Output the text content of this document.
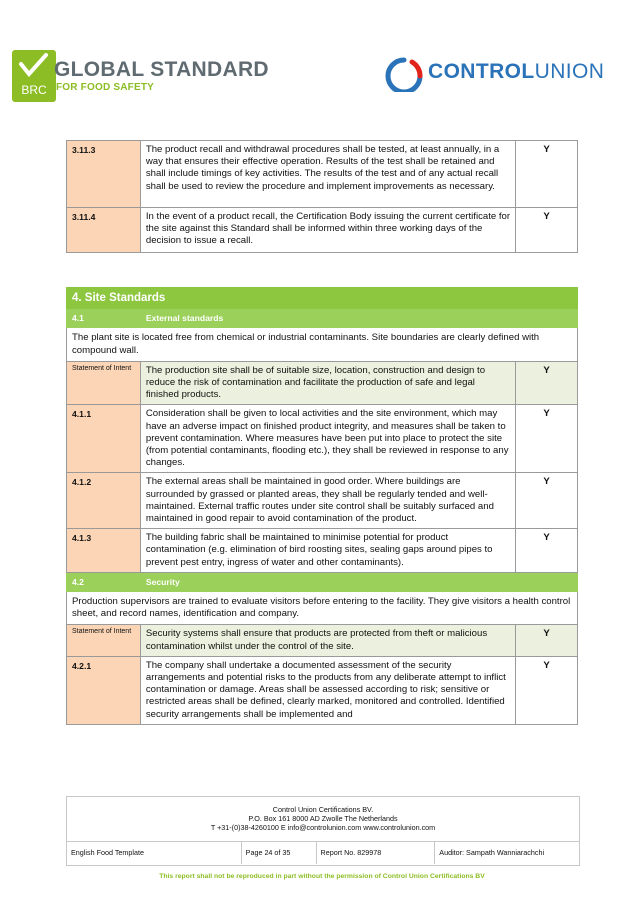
BRC
GLOBAL STANDARD
FOR FOOD SAFETY
CONTROLUNION
3.11.3	The product recall and withdrawal procedures shall be tested, at least annually, in a way that ensures their effective operation. Results of the test shall be retained and shall include timings of key activities. The results of the test and of any actual recall shall be used to review the procedure and implement improvements as necessary.	Y
3.11.4	In the event of a product recall, the Certification Body issuing the current certificate for the site against this Standard shall be informed within three working days of the decision to issue a recall.	Y
4. Site Standards		
4.1	External standards	
The plant site is located free from chemical or industrial contaminants. Site boundaries are clearly defined with compound wall.		
Statement of Intent	The production site shall be of suitable size, location, construction and design to reduce the risk of contamination and facilitate the production of safe and legal finished products.	Y
4.1.1	Consideration shall be given to local activities and the site environment, which may have an adverse impact on finished product integrity, and measures shall be taken to prevent contamination. Where measures have been put into place to protect the site (from potential contaminants, flooding etc.), they shall be reviewed in response to any changes.	Y
4.1.2	The external areas shall be maintained in good order. Where buildings are surrounded by grassed or planted areas, they shall be regularly tended and well-maintained. External traffic routes under site control shall be suitably surfaced and maintained in good repair to avoid contamination of the product.	Y
4.1.3	The building fabric shall be maintained to minimise potential for product contamination (e.g. elimination of bird roosting sites, sealing gaps around pipes to prevent pest entry, ingress of water and other contaminants).	Y
4.2	Security	
Production supervisors are trained to evaluate visitors before entering to the facility. They give visitors a health control sheet, and record names, identification and company.		
Statement of Intent	Security systems shall ensure that products are protected from theft or malicious contamination whilst under the control of the site.	Y
4.2.1	The company shall undertake a documented assessment of the security arrangements and potential risks to the products from any deliberate attempt to inflict contamination or damage. Areas shall be assessed according to risk; sensitive or restricted areas shall be defined, clearly marked, monitored and controlled. Identified security arrangements shall be implemented and	Y
Control Union Certifications BV.
P.O. Box 161 8000 AD Zwolle The Netherlands
T +31-(0)38-4260100 E info@controlunion.com www.controlunion.com
English Food Template	Page 24 of 35	Report No. 829978	Auditor: Sampath Wanniarachchi
This report shall not be reproduced in part without the permission of Control Union Certifications BV
